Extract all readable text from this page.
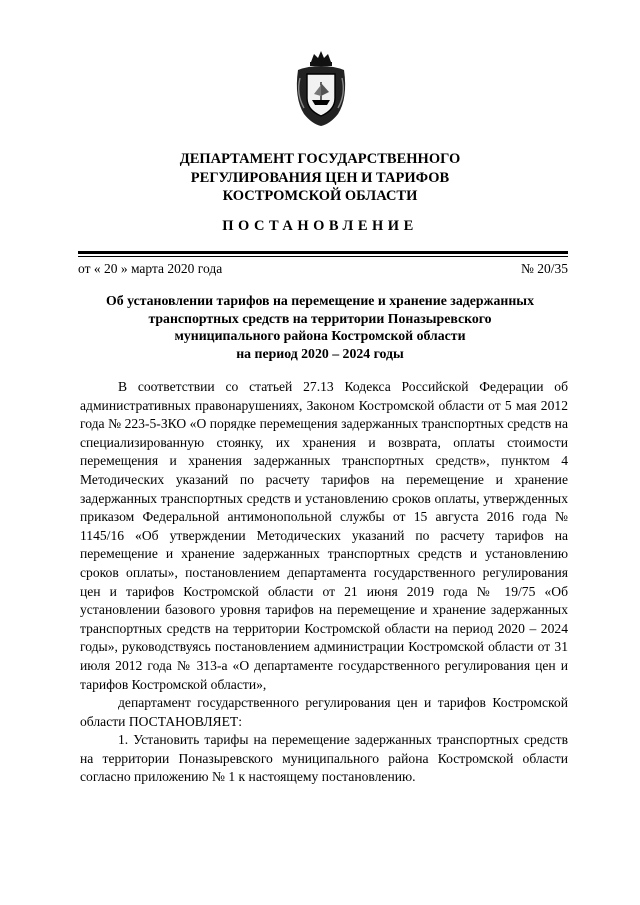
ДЕПАРТАМЕНТ ГОСУДАРСТВЕННОГО
РЕГУЛИРОВАНИЯ ЦЕН И ТАРИФОВ
КОСТРОМСКОЙ ОБЛАСТИ
ПОСТАНОВЛЕНИЕ
от « 20 » марта 2020 года	№ 20/35
Об установлении тарифов на перемещение и хранение задержанных
транспортных средств на территории Поназыревского
муниципального района Костромской области
на период 2020 – 2024 годы

В соответствии со статьей 27.13 Кодекса Российской Федерации об административных правонарушениях, Законом Костромской области от 5 мая 2012 года № 223-5-ЗКО «О порядке перемещения задержанных транспортных средств на специализированную стоянку, их хранения и возврата, оплаты стоимости перемещения и хранения задержанных транспортных средств», пунктом 4 Методических указаний по расчету тарифов на перемещение и хранение задержанных транспортных средств и установлению сроков оплаты, утвержденных приказом Федеральной антимонопольной службы от 15 августа 2016 года № 1145/16 «Об утверждении Методических указаний по расчету тарифов на перемещение и хранение задержанных транспортных средств и установлению сроков оплаты», постановлением департамента государственного регулирования цен и тарифов Костромской области от 21 июня 2019 года № 19/75 «Об установлении базового уровня тарифов на перемещение и хранение задержанных транспортных средств на территории Костромской области на период 2020 – 2024 годы», руководствуясь постановлением администрации Костромской области от 31 июля 2012 года № 313-а «О департаменте государственного регулирования цен и тарифов Костромской области»,

департамент государственного регулирования цен и тарифов Костромской области ПОСТАНОВЛЯЕТ:

1. Установить тарифы на перемещение задержанных транспортных средств на территории Поназыревского муниципального района Костромской области согласно приложению № 1 к настоящему постановлению.
